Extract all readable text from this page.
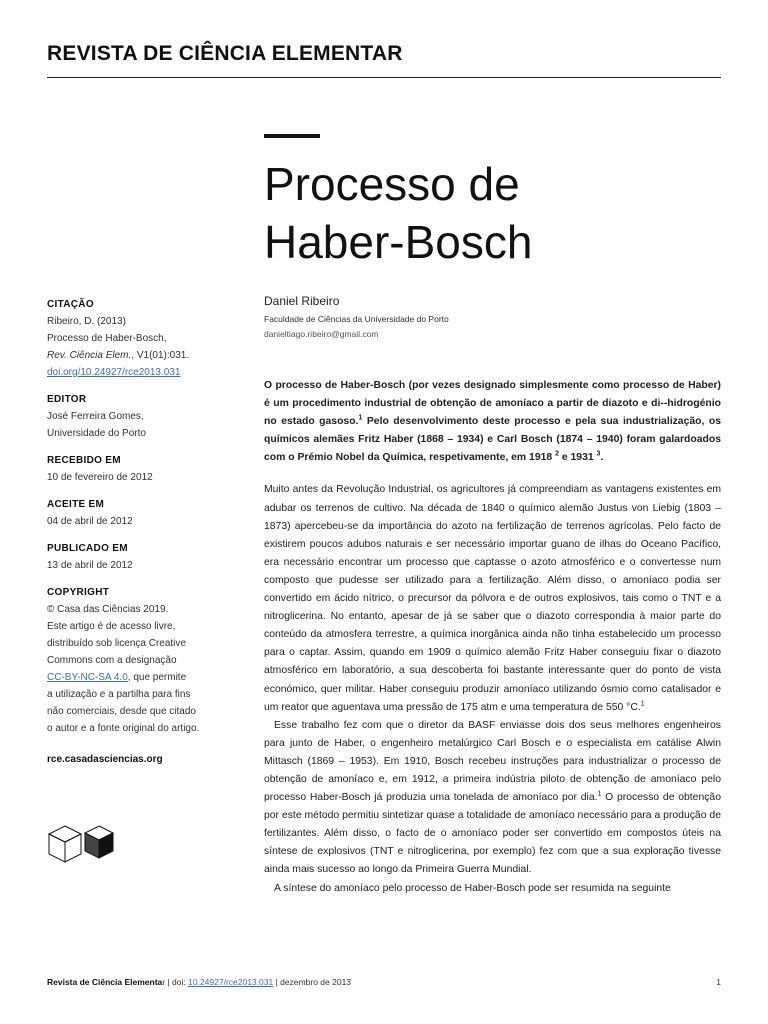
REVISTA DE CIÊNCIA ELEMENTAR
Processo de
Haber-Bosch
Daniel Ribeiro
Faculdade de Ciências da Universidade do Porto
danieltiago.ribeiro@gmail.com
CITAÇÃO
Ribeiro, D. (2013)
Processo de Haber-Bosch,
Rev. Ciência Elem., V1(01):031.
doi.org/10.24927/rce2013.031
EDITOR
José Ferreira Gomes,
Universidade do Porto
RECEBIDO EM
10 de fevereiro de 2012
ACEITE EM
04 de abril de 2012
PUBLICADO EM
13 de abril de 2012
COPYRIGHT
© Casa das Ciências 2019.
Este artigo é de acesso livre,
distribuído sob licença Creative
Commons com a designação
CC-BY-NC-SA 4.0, que permite
a utilização e a partilha para fins
não comerciais, desde que citado
o autor e a fonte original do artigo.
rce.casadasciencias.org

O processo de Haber-Bosch (por vezes designado simplesmente como processo de Haber) é um procedimento industrial de obtenção de amoníaco a partir de diazoto e di--hidrogénio no estado gasoso.$^1$ Pelo desenvolvimento deste processo e pela sua industrialização, os químicos alemães Fritz Haber (1868 – 1934) e Carl Bosch (1874 – 1940) foram galardoados com o Prémio Nobel da Química, respetivamente, em 1918 $^2$ e 1931 $^3$.

Muito antes da Revolução Industrial, os agricultores já compreendiam as vantagens existentes em adubar os terrenos de cultivo. Na década de 1840 o químico alemão Justus von Liebig (1803 – 1873) apercebeu-se da importância do azoto na fertilização de terrenos agrícolas. Pelo facto de existirem poucos adubos naturais e ser necessário importar guano de ilhas do Oceano Pacífico, era necessário encontrar um processo que captasse o azoto atmosférico e o convertesse num composto que pudesse ser utilizado para a fertilização. Além disso, o amoníaco podia ser convertido em ácido nítrico, o precursor da pólvora e de outros explosivos, tais como o TNT e a nitroglicerina. No entanto, apesar de já se saber que o diazoto correspondia à maior parte do conteúdo da atmosfera terrestre, a química inorgânica ainda não tinha estabelecido um processo para o captar. Assim, quando em 1909 o químico alemão Fritz Haber conseguiu fixar o diazoto atmosférico em laboratório, a sua descoberta foi bastante interessante quer do ponto de vista económico, quer militar. Haber conseguiu produzir amoníaco utilizando ósmio como catalisador e um reator que aguentava uma pressão de 175 atm e uma temperatura de 550 °C.$^1$

Esse trabalho fez com que o diretor da BASF enviasse dois dos seus melhores engenheiros para junto de Haber, o engenheiro metalúrgico Carl Bosch e o especialista em catálise Alwin Mittasch (1869 – 1953). Em 1910, Bosch recebeu instruções para industrializar o processo de obtenção de amoníaco e, em 1912, a primeira indústria piloto de obtenção de amoníaco pelo processo Haber-Bosch já produzia uma tonelada de amoníaco por dia.$^1$ O processo de obtenção por este método permitiu sintetizar quase a totalidade de amoníaco necessário para a produção de fertilizantes. Além disso, o facto de o amoníaco poder ser convertido em compostos úteis na síntese de explosivos (TNT e nitroglicerina, por exemplo) fez com que a sua exploração tivesse ainda mais sucesso ao longo da Primeira Guerra Mundial.

A síntese do amoníaco pelo processo de Haber-Bosch pode ser resumida na seguinte

Revista de Ciência Elementar | doi: 10.24927/rce2013.031 | dezembro de 2013	1
